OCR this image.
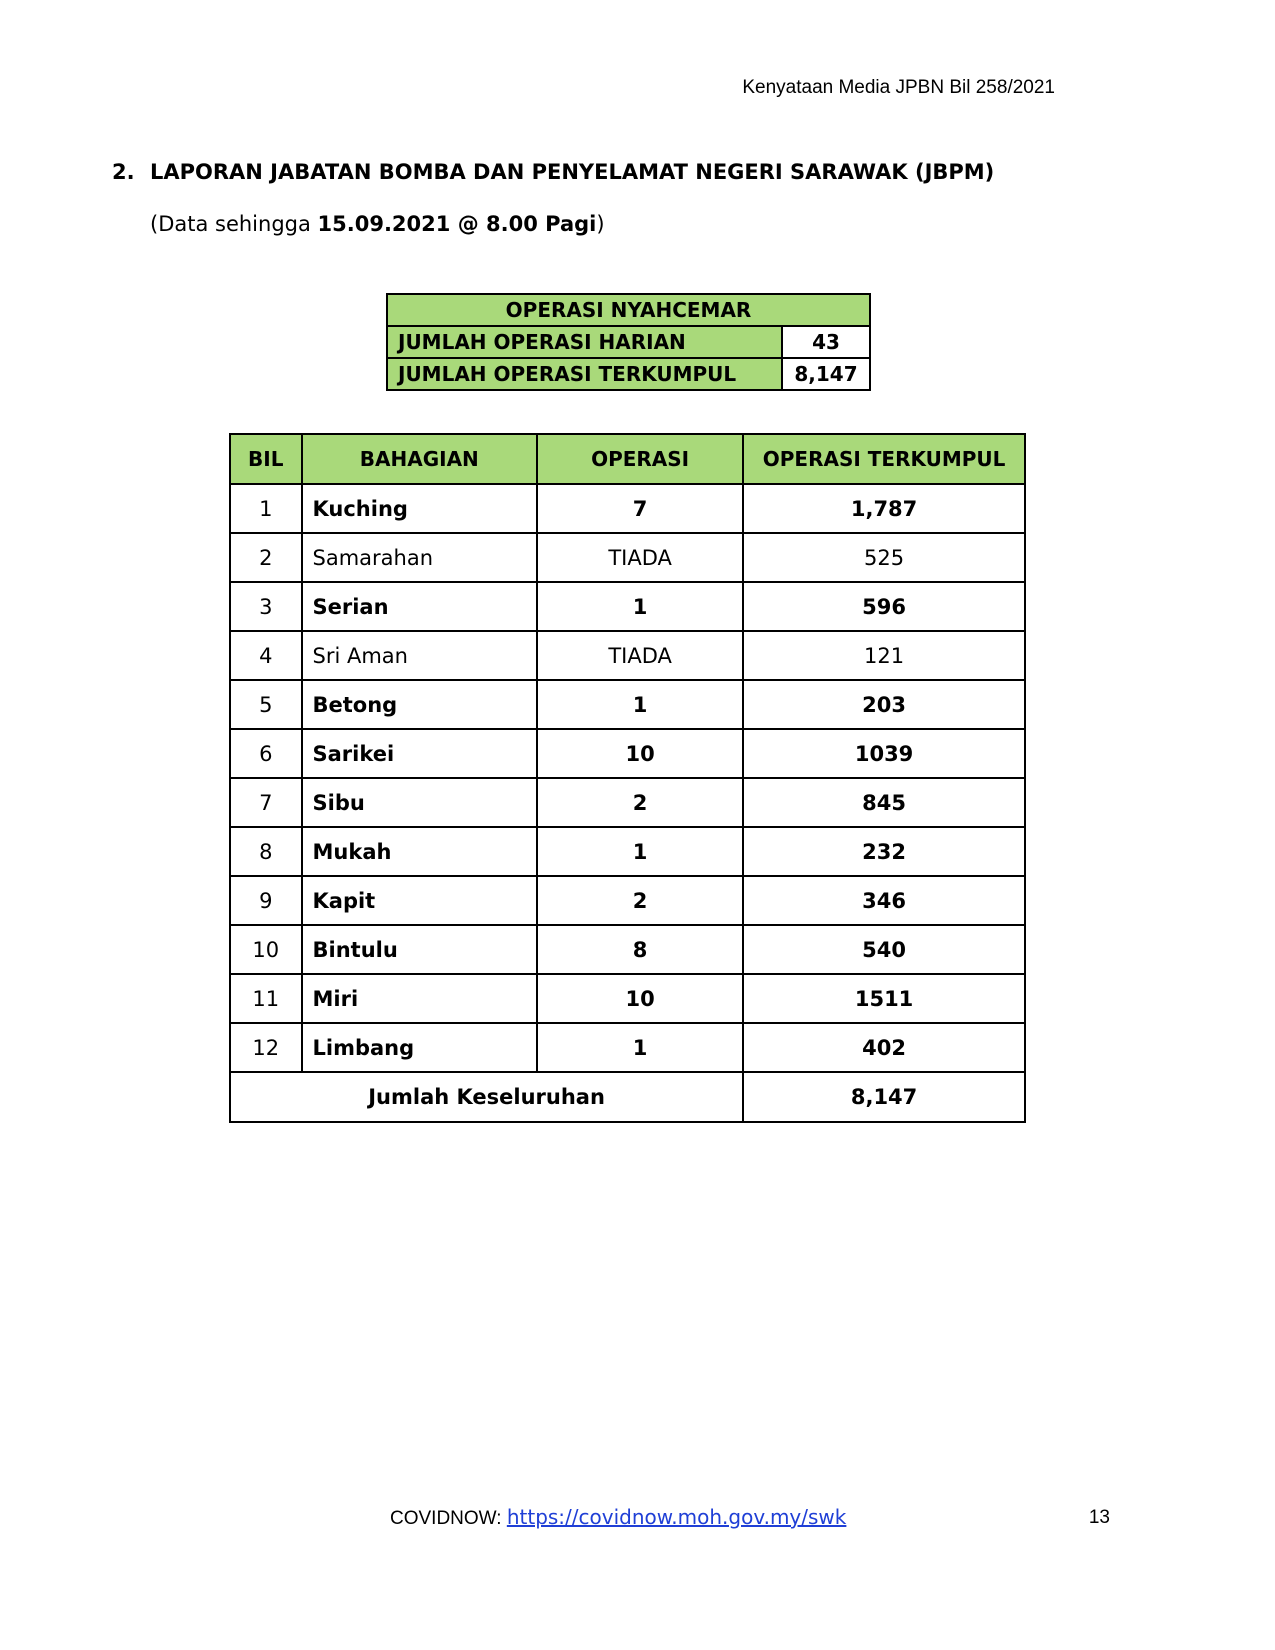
Kenyataan Media JPBN Bil 258/2021
2. LAPORAN JABATAN BOMBA DAN PENYELAMAT NEGERI SARAWAK (JBPM)
(Data sehingga 15.09.2021 @ 8.00 Pagi)
OPERASI NYAHCEMAR	
JUMLAH OPERASI HARIAN	43
JUMLAH OPERASI TERKUMPUL	8,147
BIL	BAHAGIAN	OPERASI	OPERASI TERKUMPUL
1	Kuching	7	1,787
2	Samarahan	TIADA	525
3	Serian	1	596
4	Sri Aman	TIADA	121
5	Betong	1	203
6	Sarikei	10	1039
7	Sibu	2	845
8	Mukah	1	232
9	Kapit	2	346
10	Bintulu	8	540
11	Miri	10	1511
12	Limbang	1	402
Jumlah Keseluruhan			8,147
COVIDNOW: https://covidnow.moh.gov.my/swk	13
